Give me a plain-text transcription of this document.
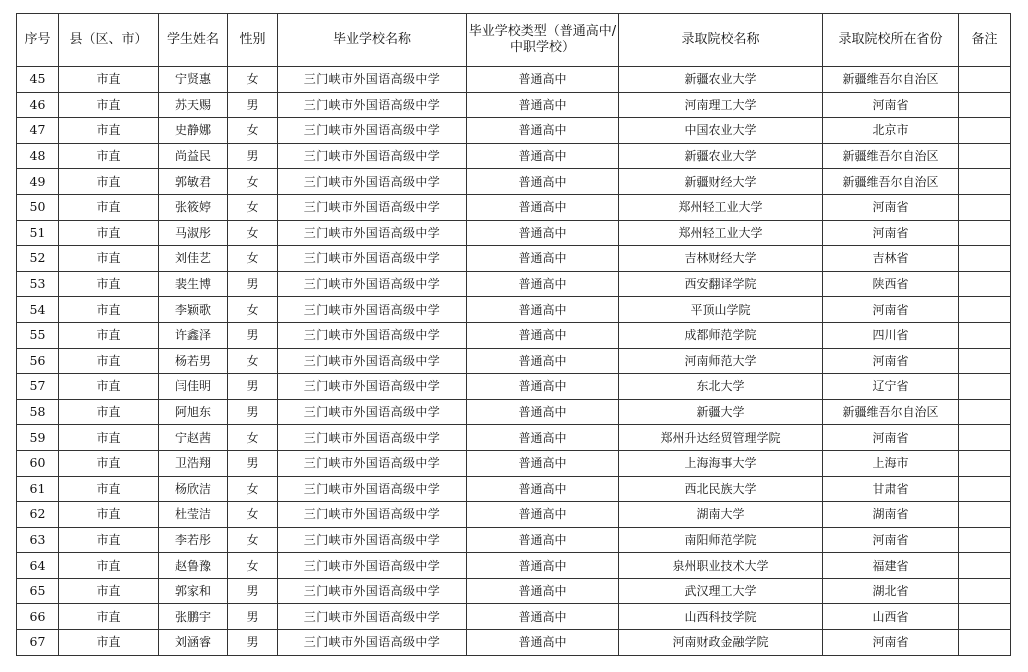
序号	县（区、市）	学生姓名	性别	毕业学校名称	毕业学校类型（普通高中/中职学校）	录取院校名称	录取院校所在省份	备注
45	市直	宁贤惠	女	三门峡市外国语高级中学	普通高中	新疆农业大学	新疆维吾尔自治区	
46	市直	苏天赐	男	三门峡市外国语高级中学	普通高中	河南理工大学	河南省	
47	市直	史静娜	女	三门峡市外国语高级中学	普通高中	中国农业大学	北京市	
48	市直	尚益民	男	三门峡市外国语高级中学	普通高中	新疆农业大学	新疆维吾尔自治区	
49	市直	郭敏君	女	三门峡市外国语高级中学	普通高中	新疆财经大学	新疆维吾尔自治区	
50	市直	张筱婷	女	三门峡市外国语高级中学	普通高中	郑州轻工业大学	河南省	
51	市直	马淑彤	女	三门峡市外国语高级中学	普通高中	郑州轻工业大学	河南省	
52	市直	刘佳艺	女	三门峡市外国语高级中学	普通高中	吉林财经大学	吉林省	
53	市直	裴生博	男	三门峡市外国语高级中学	普通高中	西安翻译学院	陕西省	
54	市直	李颖歌	女	三门峡市外国语高级中学	普通高中	平顶山学院	河南省	
55	市直	许鑫泽	男	三门峡市外国语高级中学	普通高中	成都师范学院	四川省	
56	市直	杨若男	女	三门峡市外国语高级中学	普通高中	河南师范大学	河南省	
57	市直	闫佳明	男	三门峡市外国语高级中学	普通高中	东北大学	辽宁省	
58	市直	阿旭东	男	三门峡市外国语高级中学	普通高中	新疆大学	新疆维吾尔自治区	
59	市直	宁赵茜	女	三门峡市外国语高级中学	普通高中	郑州升达经贸管理学院	河南省	
60	市直	卫浩翔	男	三门峡市外国语高级中学	普通高中	上海海事大学	上海市	
61	市直	杨欣洁	女	三门峡市外国语高级中学	普通高中	西北民族大学	甘肃省	
62	市直	杜莹洁	女	三门峡市外国语高级中学	普通高中	湖南大学	湖南省	
63	市直	李若彤	女	三门峡市外国语高级中学	普通高中	南阳师范学院	河南省	
64	市直	赵鲁豫	女	三门峡市外国语高级中学	普通高中	泉州职业技术大学	福建省	
65	市直	郭家和	男	三门峡市外国语高级中学	普通高中	武汉理工大学	湖北省	
66	市直	张鹏宇	男	三门峡市外国语高级中学	普通高中	山西科技学院	山西省	
67	市直	刘涵睿	男	三门峡市外国语高级中学	普通高中	河南财政金融学院	河南省	
